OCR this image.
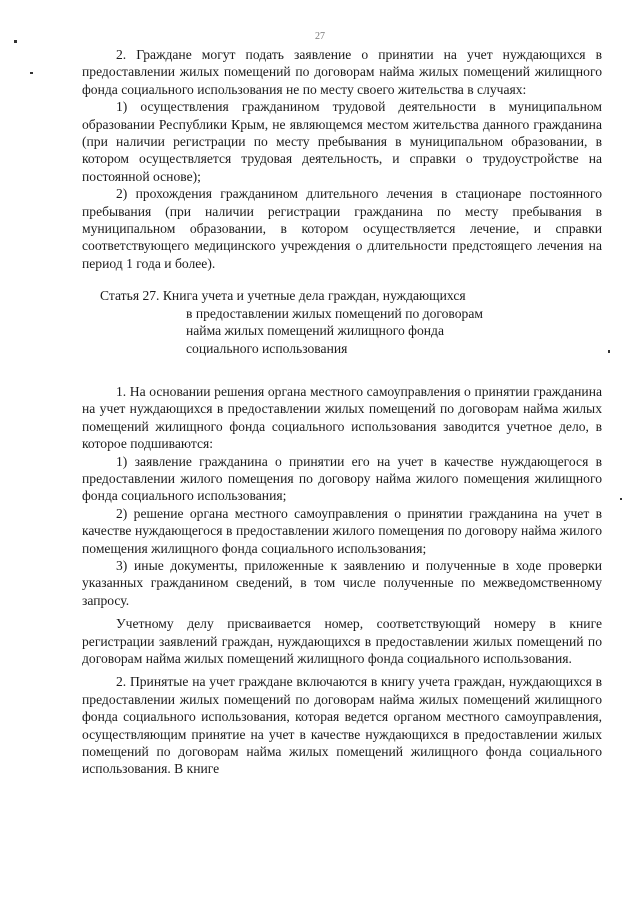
27

2. Граждане могут подать заявление о принятии на учет нуждающихся в предоставлении жилых помещений по договорам найма жилых помещений жилищного фонда социального использования не по месту своего жительства в случаях:

1) осуществления гражданином трудовой деятельности в муниципальном образовании Республики Крым, не являющемся местом жительства данного гражданина (при наличии регистрации по месту пребывания в муниципальном образовании, в котором осуществляется трудовая деятельность, и справки о трудоустройстве на постоянной основе);

2) прохождения гражданином длительного лечения в стационаре постоянного пребывания (при наличии регистрации гражданина по месту пребывания в муниципальном образовании, в котором осуществляется лечение, и справки соответствующего медицинского учреждения о длительности предстоящего лечения на период 1 года и более).

Статья 27. Книга учета и учетные дела граждан, нуждающихся
в предоставлении жилых помещений по договорам
найма жилых помещений жилищного фонда
социального использования

1. На основании решения органа местного самоуправления о принятии гражданина на учет нуждающихся в предоставлении жилых помещений по договорам найма жилых помещений жилищного фонда социального использования заводится учетное дело, в которое подшиваются:

1) заявление гражданина о принятии его на учет в качестве нуждающегося в предоставлении жилого помещения по договору найма жилого помещения жилищного фонда социального использования;

2) решение органа местного самоуправления о принятии гражданина на учет в качестве нуждающегося в предоставлении жилого помещения по договору найма жилого помещения жилищного фонда социального использования;

3) иные документы, приложенные к заявлению и полученные в ходе проверки указанных гражданином сведений, в том числе полученные по межведомственному запросу.

Учетному делу присваивается номер, соответствующий номеру в книге регистрации заявлений граждан, нуждающихся в предоставлении жилых помещений по договорам найма жилых помещений жилищного фонда социального использования.

2. Принятые на учет граждане включаются в книгу учета граждан, нуждающихся в предоставлении жилых помещений по договорам найма жилых помещений жилищного фонда социального использования, которая ведется органом местного самоуправления, осуществляющим принятие на учет в качестве нуждающихся в предоставлении жилых помещений по договорам найма жилых помещений жилищного фонда социального использования. В книге
